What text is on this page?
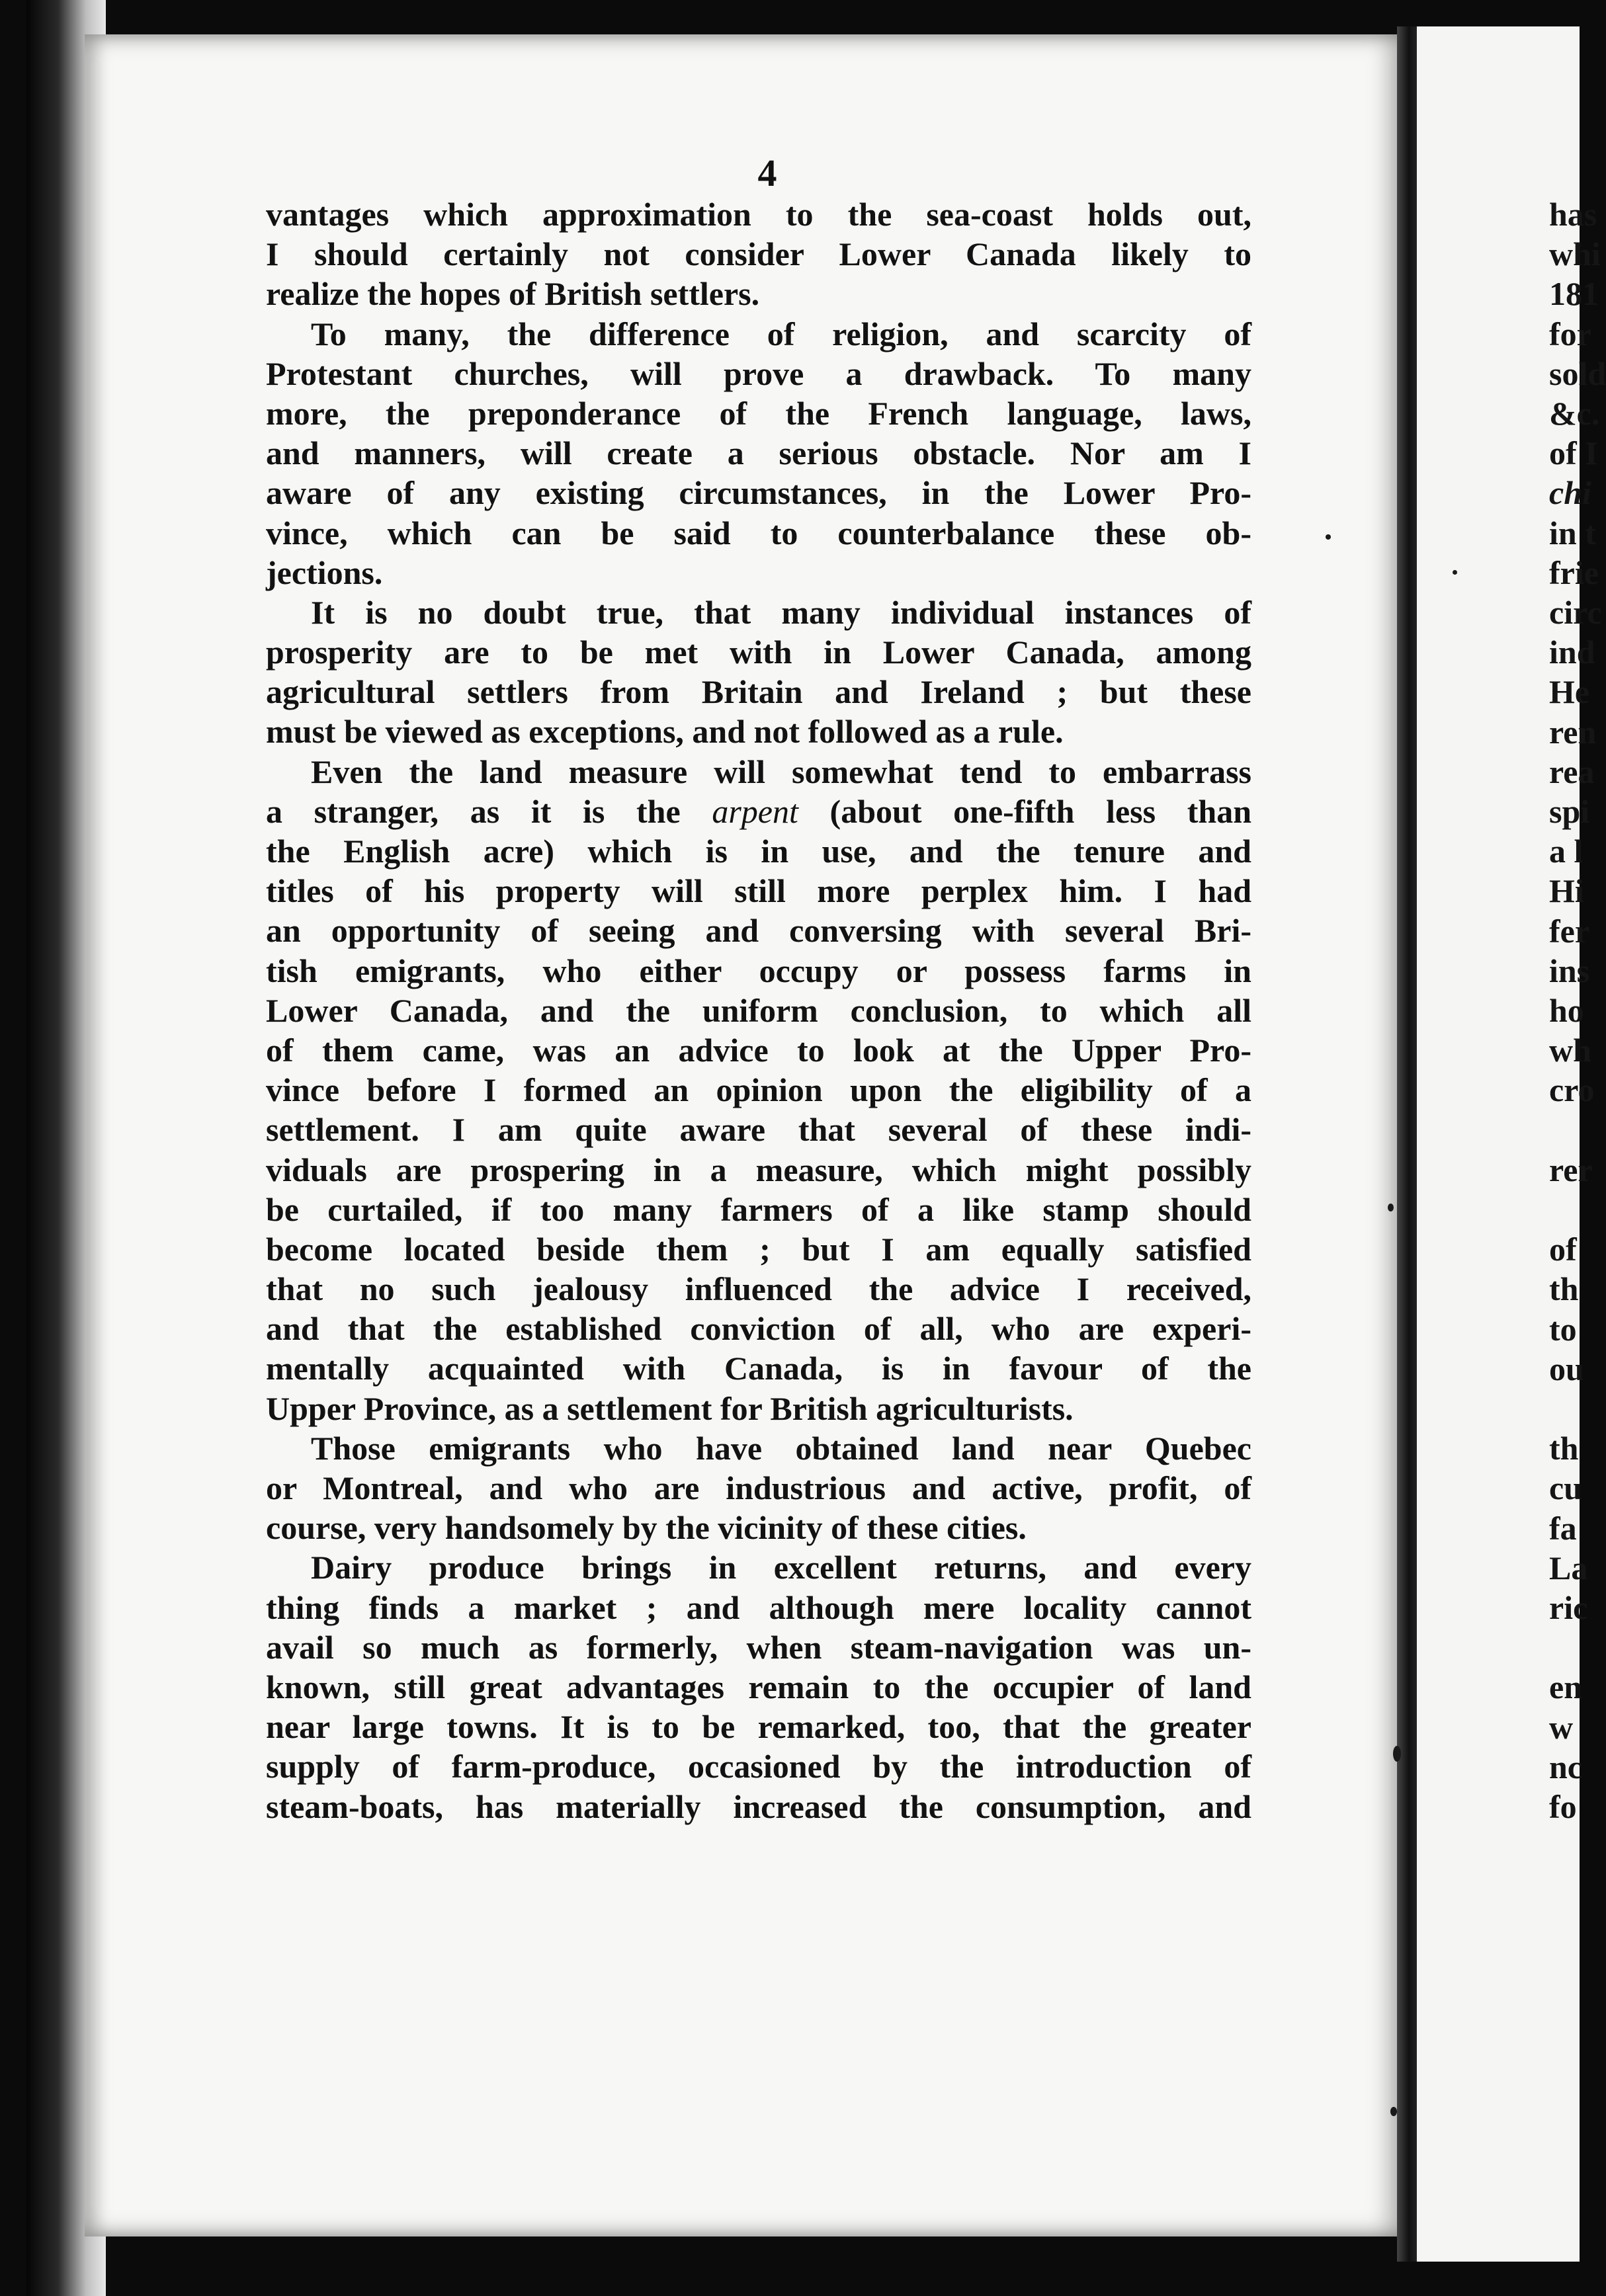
4
vantages which approximation to the sea-coast holds out,
I should certainly not consider Lower Canada likely to
realize the hopes of British settlers.
To many, the difference of religion, and scarcity of
Protestant churches, will prove a drawback. To many
more, the preponderance of the French language, laws,
and manners, will create a serious obstacle. Nor am I
aware of any existing circumstances, in the Lower Pro-
vince, which can be said to counterbalance these ob-
jections.
It is no doubt true, that many individual instances of
prosperity are to be met with in Lower Canada, among
agricultural settlers from Britain and Ireland ; but these
must be viewed as exceptions, and not followed as a rule.
Even the land measure will somewhat tend to embarrass
a stranger, as it is the arpent (about one-fifth less than
the English acre) which is in use, and the tenure and
titles of his property will still more perplex him. I had
an opportunity of seeing and conversing with several Bri-
tish emigrants, who either occupy or possess farms in
Lower Canada, and the uniform conclusion, to which all
of them came, was an advice to look at the Upper Pro-
vince before I formed an opinion upon the eligibility of a
settlement. I am quite aware that several of these indi-
viduals are prospering in a measure, which might possibly
be curtailed, if too many farmers of a like stamp should
become located beside them ; but I am equally satisfied
that no such jealousy influenced the advice I received,
and that the established conviction of all, who are experi-
mentally acquainted with Canada, is in favour of the
Upper Province, as a settlement for British agriculturists.
Those emigrants who have obtained land near Quebec
or Montreal, and who are industrious and active, profit, of
course, very handsomely by the vicinity of these cities.
Dairy produce brings in excellent returns, and every
thing finds a market ; and although mere locality cannot
avail so much as formerly, when steam-navigation was un-
known, still great advantages remain to the occupier of land
near large towns. It is to be remarked, too, that the greater
supply of farm-produce, occasioned by the introduction of
steam-boats, has materially increased the consumption, and
has
whi
181
for
sold
&c.
of I
chi
in t
frie
circ
ind
He
ren
rea
spi
a l
Hi
fer
ins
ho
wh
cro
rer
of
th
to
ou
th
cu
fa
La
ric
en
w
nc
fo
